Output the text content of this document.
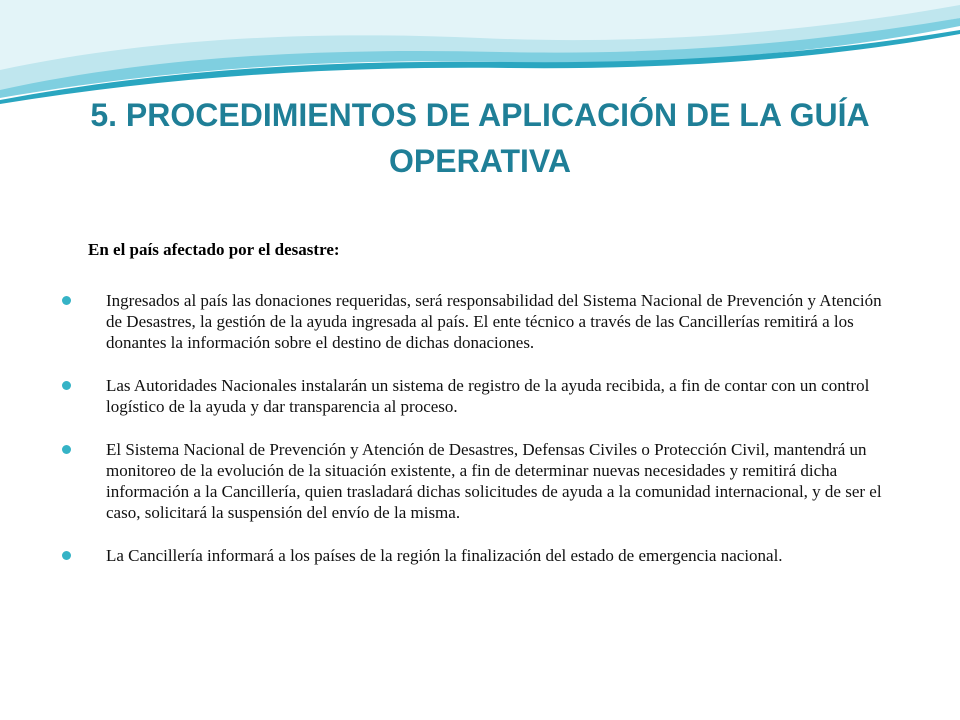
5. PROCEDIMIENTOS DE APLICACIÓN DE LA GUÍA OPERATIVA

En el país afectado por el desastre:

Ingresados al país las donaciones requeridas, será responsabilidad del Sistema Nacional de Prevención y Atención de Desastres, la gestión de la ayuda ingresada al país. El ente técnico a través de las Cancillerías remitirá a los donantes la información sobre el destino de dichas donaciones.
Las Autoridades Nacionales instalarán un sistema de registro de la ayuda recibida, a fin de contar con un control logístico de la ayuda y dar transparencia al proceso.
El Sistema Nacional de Prevención y Atención de Desastres, Defensas Civiles o Protección Civil, mantendrá un monitoreo de la evolución de la situación existente, a fin de determinar nuevas necesidades y remitirá dicha información a la Cancillería, quien trasladará dichas solicitudes de ayuda a la comunidad internacional, y de ser el caso, solicitará la suspensión del envío de la misma.
La Cancillería informará a los países de la región la finalización del estado de emergencia nacional.
